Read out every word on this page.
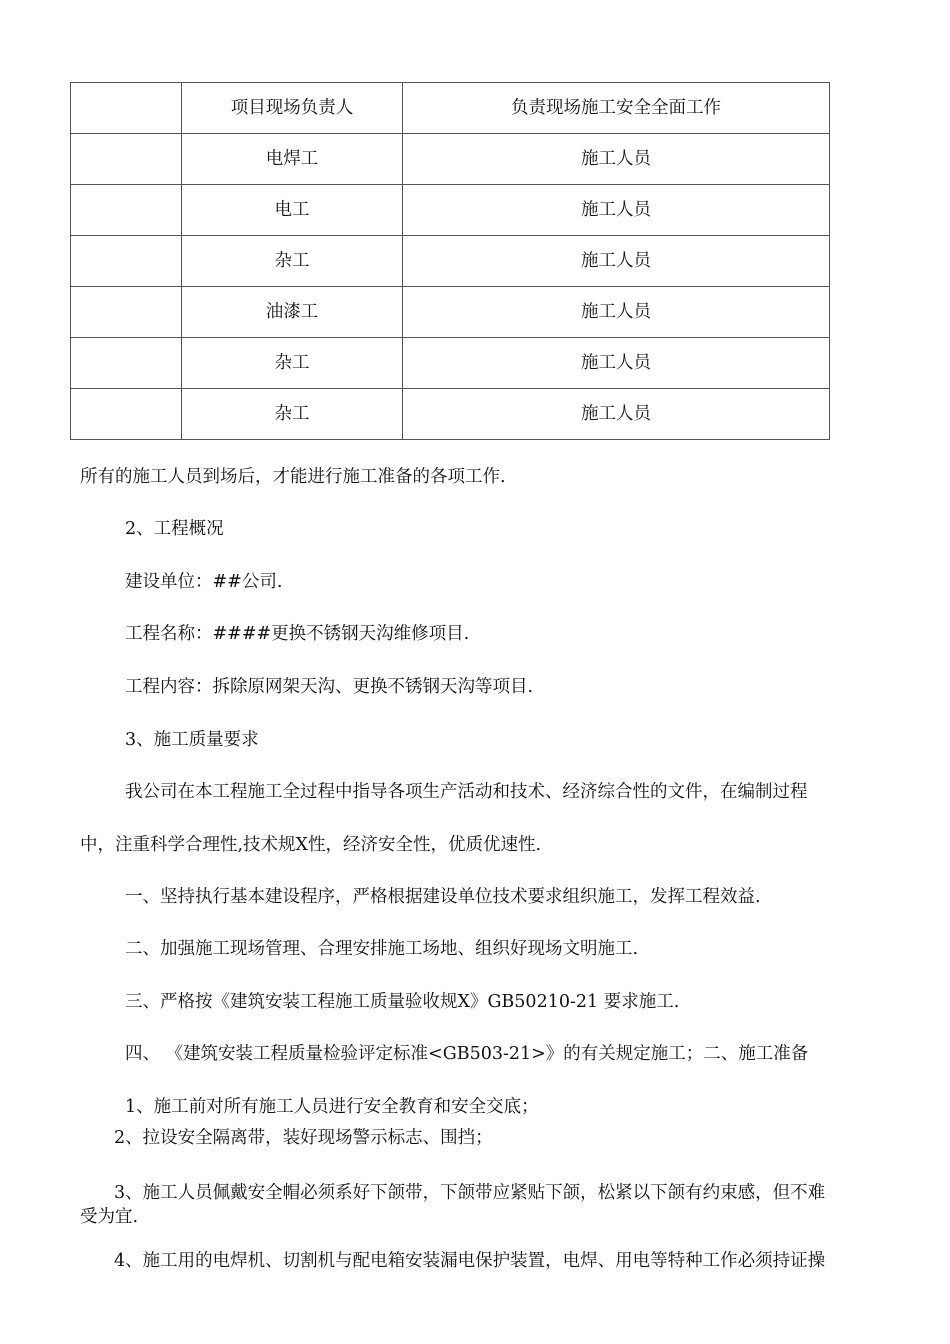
	项目现场负责人	负责现场施工安全全面工作
	电焊工	施工人员
	电工	施工人员
	杂工	施工人员
	油漆工	施工人员
	杂工	施工人员
	杂工	施工人员
所有的施工人员到场后，才能进行施工准备的各项工作.
2、工程概况
建设单位：##公司.
工程名称：####更换不锈钢天沟维修项目.
工程内容：拆除原网架天沟、更换不锈钢天沟等项目.
3、施工质量要求
我公司在本工程施工全过程中指导各项生产活动和技术、经济综合性的文件，在编制过程
中，注重科学合理性,技术规X性，经济安全性，优质优速性.
一、坚持执行基本建设程序，严格根据建设单位技术要求组织施工，发挥工程效益.
二、加强施工现场管理、合理安排施工场地、组织好现场文明施工.
三、严格按《建筑安装工程施工质量验收规X》GB50210-21 要求施工.
四、 《建筑安装工程质量检验评定标准<GB503-21>》的有关规定施工；二、施工准备
1、施工前对所有施工人员进行安全教育和安全交底；
2、拉设安全隔离带，装好现场警示标志、围挡；
3、施工人员佩戴安全帽必须系好下颌带，下颌带应紧贴下颌，松紧以下颌有约束感，但不难
受为宜.
4、施工用的电焊机、切割机与配电箱安装漏电保护装置，电焊、用电等特种工作必须持证操
